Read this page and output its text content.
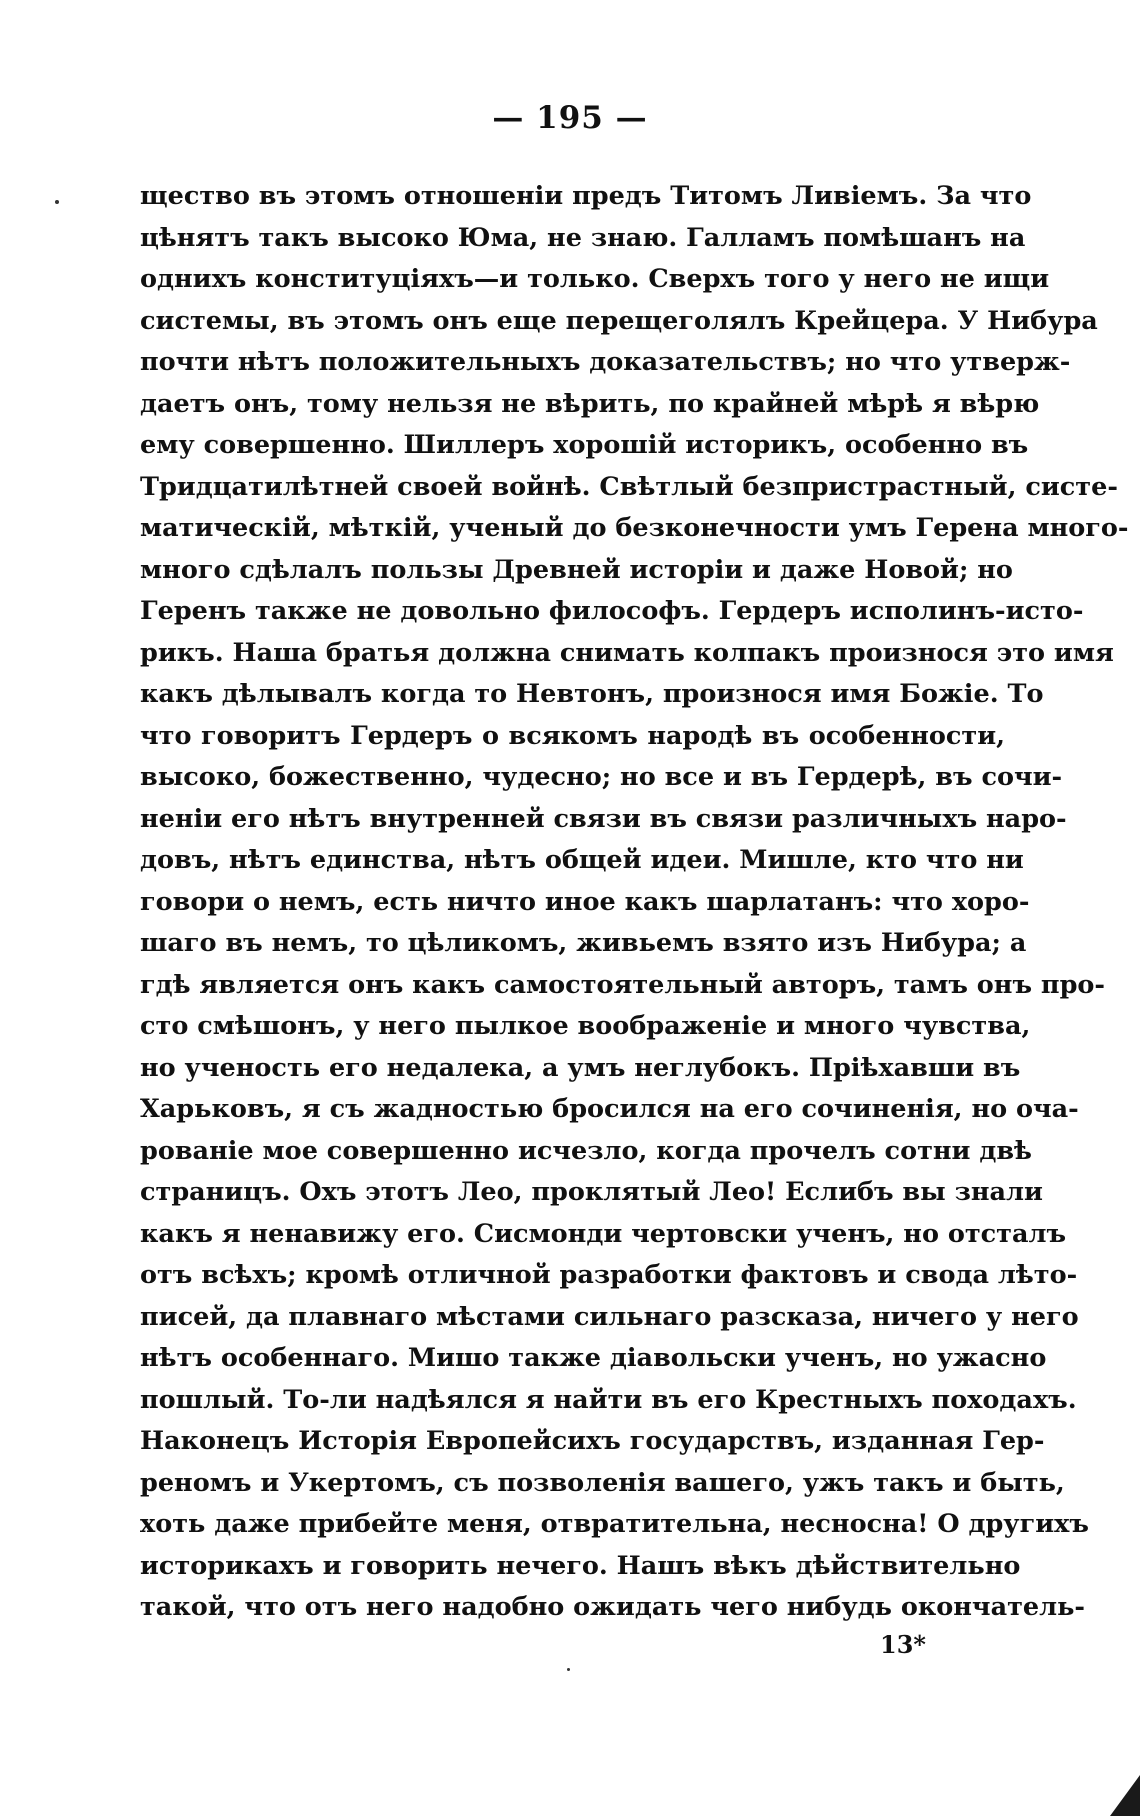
— 195 —
щество въ этомъ отношенiи предъ Титомъ Ливiемъ. За что
цѣнятъ такъ высоко Юма, не знаю. Галламъ помѣшанъ на
однихъ конституцiяхъ—и только. Сверхъ того у него не ищи
системы, въ этомъ онъ еще перещеголялъ Крейцера. У Нибура
почти нѣтъ положительныхъ доказательствъ; но что утверж-
даетъ онъ, тому нельзя не вѣрить, по крайней мѣрѣ я вѣрю
ему совершенно. Шиллеръ хорошiй историкъ, особенно въ
Тридцатилѣтней своей войнѣ. Свѣтлый безпристрастный, систе-
матическiй, мѣткiй, ученый до безконечности умъ Герена много-
много сдѣлалъ пользы Древней исторiи и даже Новой; но
Геренъ также не довольно философъ. Гердеръ исполинъ-исто-
рикъ. Наша братья должна снимать колпакъ произнося это имя
какъ дѣлывалъ когда то Невтонъ, произнося имя Божiе. То
что говоритъ Гердеръ о всякомъ народѣ въ особенности,
высоко, божественно, чудесно; но все и въ Гердерѣ, въ сочи-
ненiи его нѣтъ внутренней связи въ связи различныхъ наро-
довъ, нѣтъ единства, нѣтъ общей идеи. Мишле, кто что ни
говори о немъ, есть ничто иное какъ шарлатанъ: что хоро-
шаго въ немъ, то цѣликомъ, живьемъ взято изъ Нибура; а
гдѣ является онъ какъ самостоятельный авторъ, тамъ онъ про-
сто смѣшонъ, у него пылкое воображенiе и много чувства,
но ученость его недалека, а умъ неглубокъ. Прiѣхавши въ
Харьковъ, я съ жадностью бросился на его сочиненiя, но оча-
рованiе мое совершенно исчезло, когда прочелъ сотни двѣ
страницъ. Охъ этотъ Лео, проклятый Лео! Еслибъ вы знали
какъ я ненавижу его. Сисмонди чертовски ученъ, но отсталъ
отъ всѣхъ; кромѣ отличной разработки фактовъ и свода лѣто-
писей, да плавнаго мѣстами сильнаго разсказа, ничего у него
нѣтъ особеннаго. Мишо также дiавольски ученъ, но ужасно
пошлый. То-ли надѣялся я найти въ его Крестныхъ походахъ.
Наконецъ Исторiя Европейсихъ государствъ, изданная Гер-
реномъ и Укертомъ, съ позволенiя вашего, ужъ такъ и быть,
хоть даже прибейте меня, отвратительна, несносна! О другихъ
историкахъ и говорить нечего. Нашъ вѣкъ дѣйствительно
такой, что отъ него надобно ожидать чего нибудь окончатель-
13*
